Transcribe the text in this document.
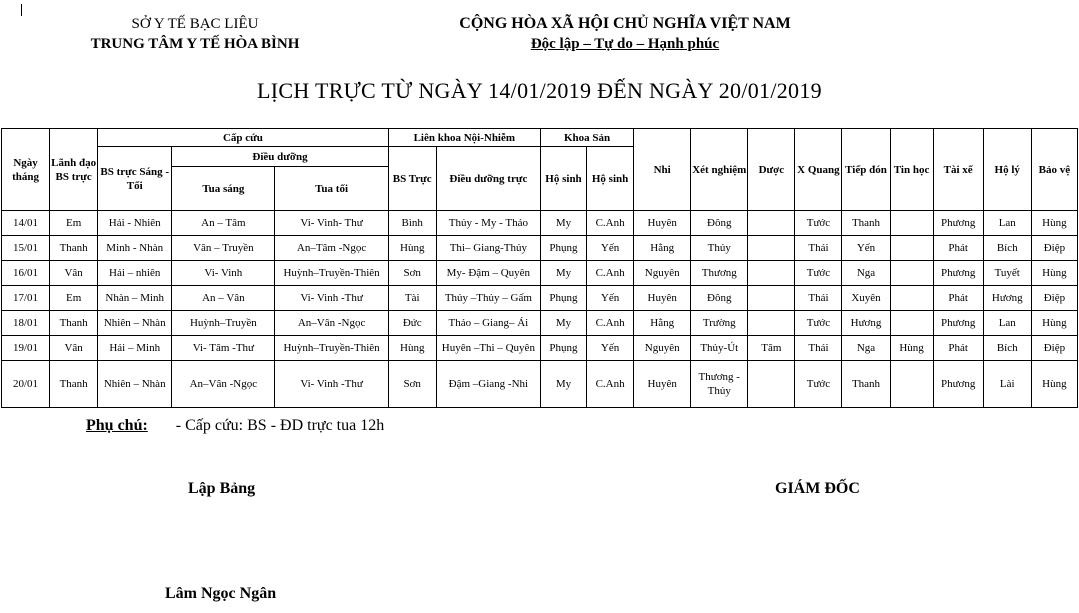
SỞ Y TẾ BẠC LIÊU
TRUNG TÂM Y TẾ HÒA BÌNH
CỘNG HÒA XÃ HỘI CHỦ NGHĨA VIỆT NAM
Độc lập – Tự do – Hạnh phúc
LỊCH TRỰC TỪ NGÀY 14/01/2019 ĐẾN NGÀY 20/01/2019
Ngày tháng	Lãnh đạo BS trực	Cấp cứu			Liên khoa Nội-Nhiễm		Khoa Sản		Nhi	Xét nghiệm	Dược	X Quang	Tiếp đón	Tin học	Tài xế	Hộ lý	Bảo vệ
		BS trực Sáng - Tối	Điều dưỡng		BS Trực	Điều dưỡng trực	Hộ sinh	Hộ sinh									
			Tua sáng	Tua tối													
14/01	Em	Hải - Nhiên	An – Tâm	Vi- Vinh- Thư	Bình	Thủy - My - Thảo	My	C.Anh	Huyên	Đông		Tước	Thanh		Phương	Lan	Hùng
15/01	Thanh	Minh - Nhàn	Vân – Truyền	An–Tâm -Ngọc	Hùng	Thi– Giang-Thủy	Phụng	Yến	Hằng	Thủy		Thái	Yến		Phát	Bích	Điệp
16/01	Vân	Hải – nhiên	Vi- Vinh	Huỳnh–Truyền-Thiên	Sơn	My- Đậm – Quyên	My	C.Anh	Nguyên	Thương		Tước	Nga		Phương	Tuyết	Hùng
17/01	Em	Nhàn – Minh	An – Vân	Vi- Vinh -Thư	Tài	Thủy –Thủy – Gấm	Phụng	Yến	Huyên	Đông		Thái	Xuyên		Phát	Hương	Điệp
18/01	Thanh	Nhiên – Nhàn	Huỳnh–Truyền	An–Vân -Ngọc	Đức	Thảo – Giang– Ái	My	C.Anh	Hằng	Trường		Tước	Hương		Phương	Lan	Hùng
19/01	Vân	Hải – Minh	Vi- Tâm -Thư	Huỳnh–Truyền-Thiên	Hùng	Huyên –Thi – Quyên	Phụng	Yến	Nguyên	Thủy-Út	Tâm	Thái	Nga	Hùng	Phát	Bích	Điệp
20/01	Thanh	Nhiên – Nhàn	An–Vân -Ngọc	Vi- Vinh -Thư	Sơn	Đậm –Giang -Nhi	My	C.Anh	Huyên	Thương - Thủy		Tước	Thanh		Phương	Lài	Hùng
Phụ chú: - Cấp cứu: BS - ĐD trực tua 12h
Lập Bảng	GIÁM ĐỐC
Lâm Ngọc Ngân
